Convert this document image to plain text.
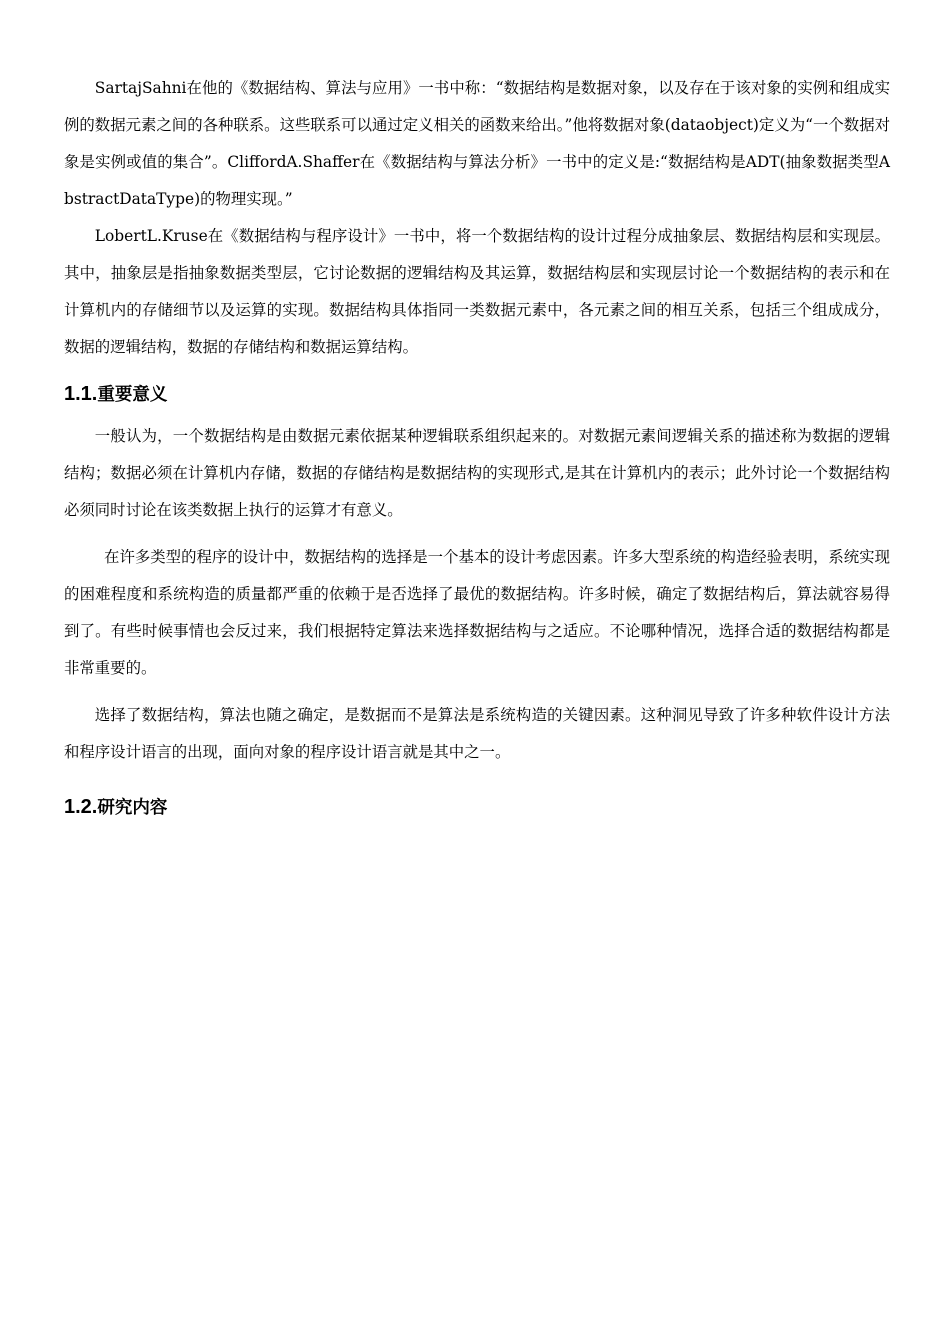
SartajSahni在他的《数据结构、算法与应用》一书中称：“数据结构是数据对象，以及存在于该对象的实例和组成实例的数据元素之间的各种联系。这些联系可以通过定义相关的函数来给出。”他将数据对象(dataobject)定义为“一个数据对象是实例或值的集合”。CliffordA.Shaffer在《数据结构与算法分析》一书中的定义是:“数据结构是ADT(抽象数据类型AbstractDataType)的物理实现。”

LobertL.Kruse在《数据结构与程序设计》一书中，将一个数据结构的设计过程分成抽象层、数据结构层和实现层。其中，抽象层是指抽象数据类型层，它讨论数据的逻辑结构及其运算，数据结构层和实现层讨论一个数据结构的表示和在计算机内的存储细节以及运算的实现。数据结构具体指同一类数据元素中，各元素之间的相互关系，包括三个组成成分，数据的逻辑结构，数据的存储结构和数据运算结构。

1.1. 重要意义

一般认为，一个数据结构是由数据元素依据某种逻辑联系组织起来的。对数据元素间逻辑关系的描述称为数据的逻辑结构；数据必须在计算机内存储，数据的存储结构是数据结构的实现形式,是其在计算机内的表示；此外讨论一个数据结构必须同时讨论在该类数据上执行的运算才有意义。

在许多类型的程序的设计中，数据结构的选择是一个基本的设计考虑因素。许多大型系统的构造经验表明，系统实现的困难程度和系统构造的质量都严重的依赖于是否选择了最优的数据结构。许多时候，确定了数据结构后，算法就容易得到了。有些时候事情也会反过来，我们根据特定算法来选择数据结构与之适应。不论哪种情况，选择合适的数据结构都是非常重要的。

选择了数据结构，算法也随之确定，是数据而不是算法是系统构造的关键因素。这种洞见导致了许多种软件设计方法和程序设计语言的出现，面向对象的程序设计语言就是其中之一。

1.2. 研究内容
